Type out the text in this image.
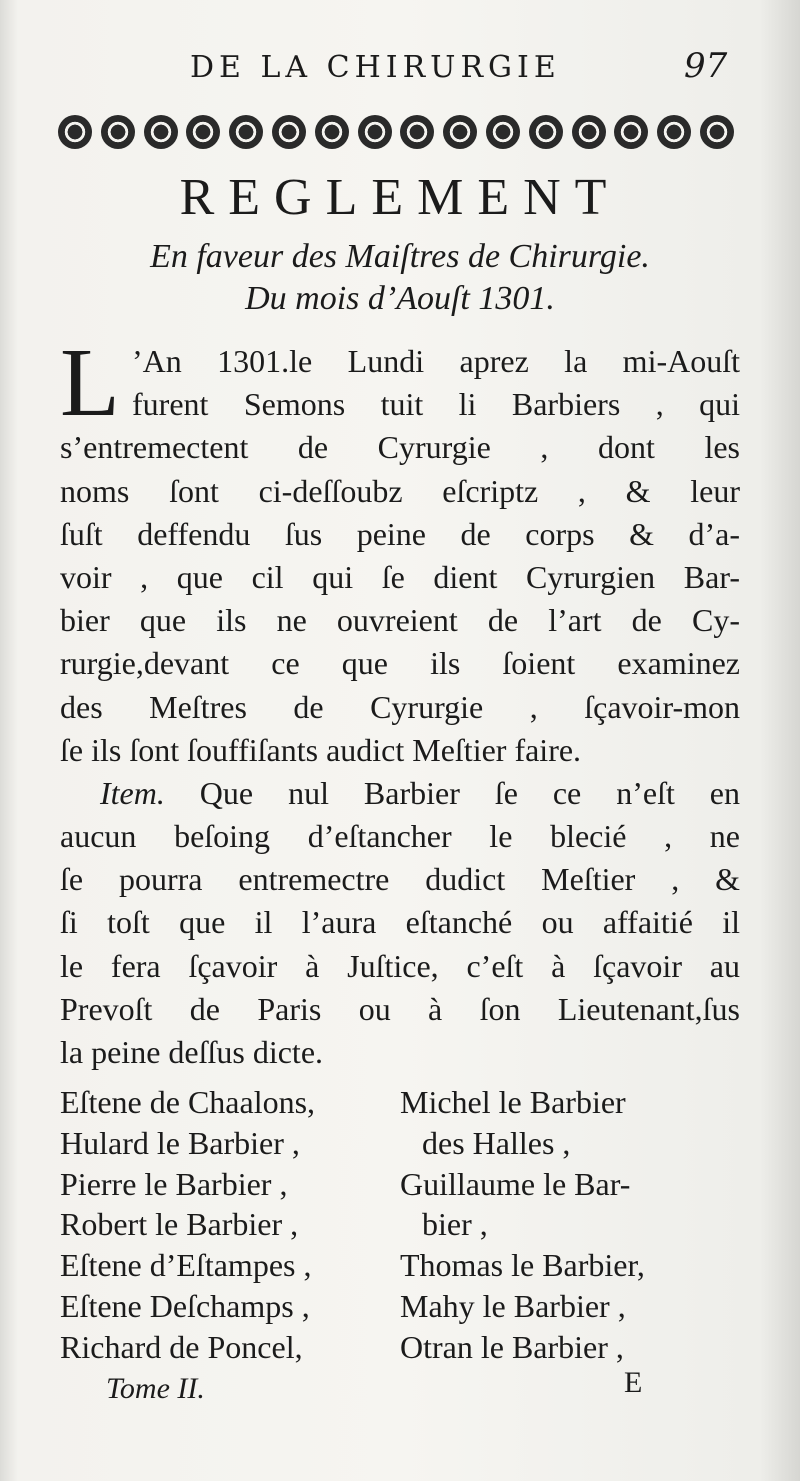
DE LA CHIRURGIE	97
REGLEMENT
En faveur des Maiſtres de Chirurgie.
Du mois d’Aouſt 1301.
L ’An 1301.le Lundi aprez la mi-Aouſt
furent Semons tuit li Barbiers , qui
s’entremectent de Cyrurgie , dont les
noms ſont ci-deſſoubz eſcriptz , & leur
ſuſt deffendu ſus peine de corps & d’a-
voir , que cil qui ſe dient Cyrurgien Bar-
bier que ils ne ouvreient de l’art de Cy-
rurgie,devant ce que ils ſoient examinez
des Meſtres de Cyrurgie , ſçavoir-mon
ſe ils ſont ſouffiſants audict Meſtier faire.
Item. Que nul Barbier ſe ce n’eſt en
aucun beſoing d’eſtancher le blecié , ne
ſe pourra entremectre dudict Meſtier , &
ſi toſt que il l’aura eſtanché ou affaitié il
le fera ſçavoir à Juſtice, c’eſt à ſçavoir au
Prevoſt de Paris ou à ſon Lieutenant,ſus
la peine deſſus dicte.
Eſtene de Chaalons,	Michel le Barbier
Hulard le Barbier ,	des Halles ,
Pierre le Barbier ,	Guillaume le Bar-
Robert le Barbier ,	bier ,
Eſtene d’Eſtampes ,	Thomas le Barbier,
Eſtene Deſchamps ,	Mahy le Barbier ,
Richard de Poncel,	Otran le Barbier ,
Tome II.	E
